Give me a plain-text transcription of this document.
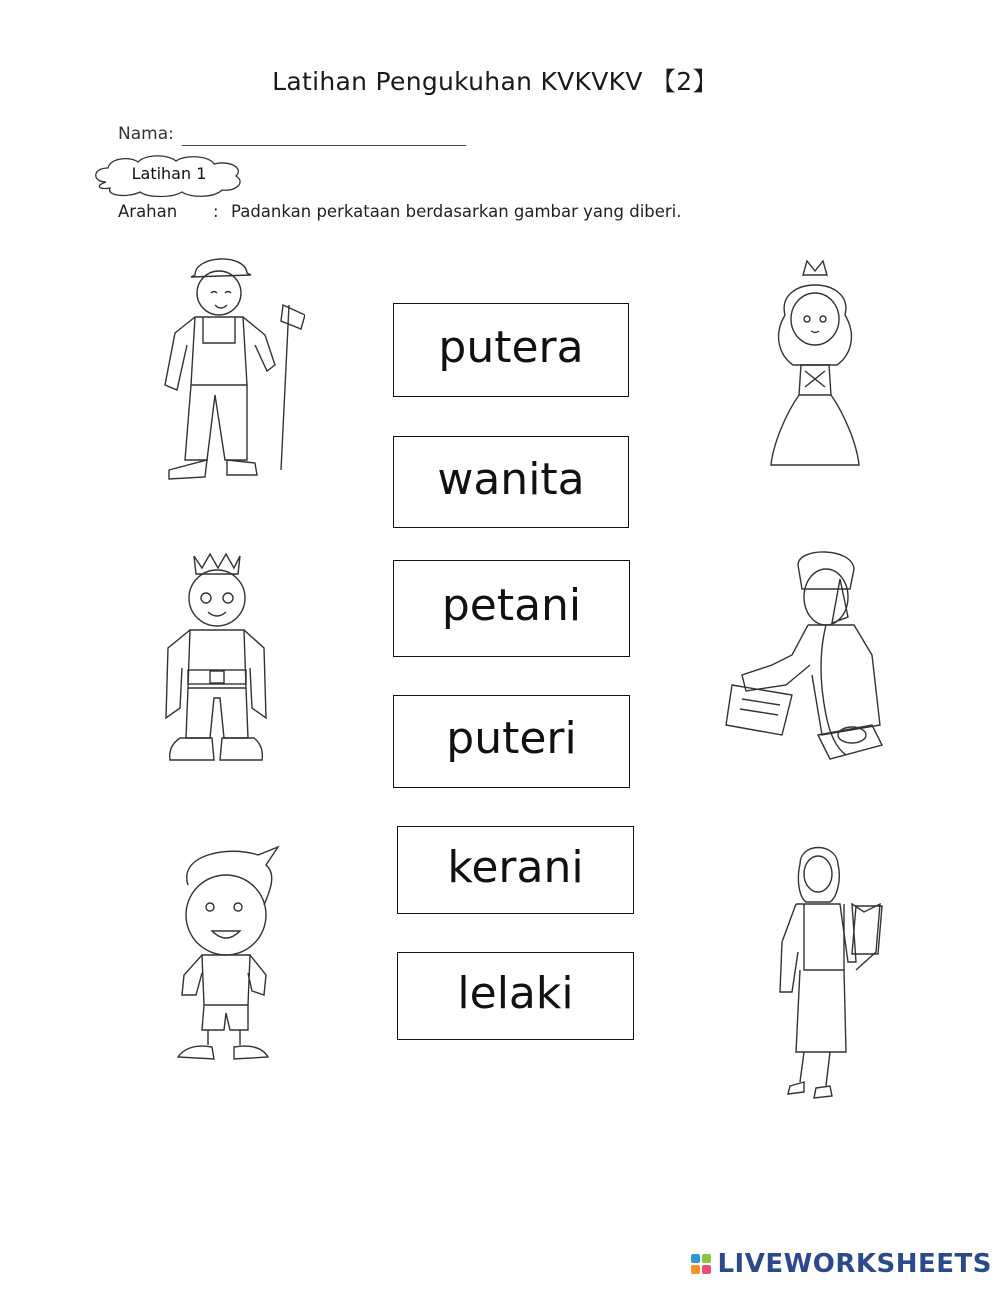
Latihan Pengukuhan KVKVKV 【2】
Nama:
Latihan 1
Arahan : Padankan perkataan berdasarkan gambar yang diberi.
putera
wanita
petani
puteri
kerani
lelaki
LIVEWORKSHEETS
